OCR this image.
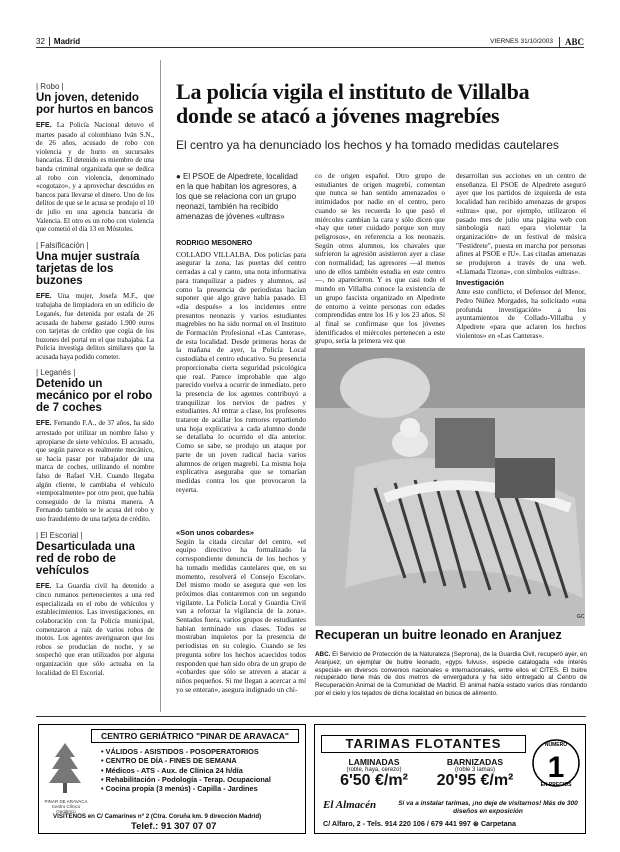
32	Madrid	VIERNES 31/10/2003	ABC
| Robo |
Un joven, detenido por hurtos en bancos
EFE. La Policía Nacional detuvo el martes pasado al colombiano Iván S.N., de 26 años, acusado de robo con violencia y de hurto en sucursales bancarias. El detenido es miembro de una banda criminal organizada que se dedica al robo con violencia, denominado «cogotazo», y a aprovechar descuidos en bancos para llevarse el dinero. Uno de los delitos de que se le acusa se produjo el 10 de julio en una agencia bancaria de Valencia. El otro es un robo con violencia que cometió el día 13 en Móstoles.
| Falsificación |
Una mujer sustraía tarjetas de los buzones
EFE. Una mujer, Josefa M.F., que trabajaba de limpiadora en un edificio de Leganés, fue detenida por estafa de 26 acusada de haberse gastado 1.900 euros con tarjetas de crédito que cogía de los buzones del portal en el que trabajaba. La Policía investiga delitos similares que la acusada haya podido cometer.
| Leganés |
Detenido un mecánico por el robo de 7 coches
EFE. Fernando F.A., de 37 años, ha sido arrestado por utilizar un nombre falso y apropiarse de siete vehículos. El acusado, que según parece es realmente mecánico, se hacía pasar por trabajador de una marca de coches, utilizando el nombre falso de Rafael V.H. Cuando llegaba algún cliente, le cambiaba el vehículo «temporalmente» por otro peor, que había conseguido de la misma manera. A Fernando también se le acusa del robo y uso fraudulento de una tarjeta de crédito.
| El Escorial |
Desarticulada una red de robo de vehículos
EFE. La Guardia civil ha detenido a cinco rumanos pertenecientes a una red especializada en el robo de vehículos y establecimientos. Las investigaciones, en colaboración con la Policía municipal, comenzaron a raíz de varios robos de motos. Los agentes averiguaron que los robos se producían de noche, y se sospechó que eran utilizados por alguna organización que sólo actuaba en la localidad de El Escorial.
La policía vigila el instituto de Villalba donde se atacó a jóvenes magrebíes
El centro ya ha denunciado los hechos y ha tomado medidas cautelares
● El PSOE de Alpedrete, localidad en la que habitan los agresores, a los que se relaciona con un grupo neonazi, también ha recibido amenazas de jóvenes «ultras»
RODRIGO MESONERO
COLLADO VILLALBA. Dos policías para asegurar la zona, las puertas del centro cerradas a cal y canto, una nota informativa para tranquilizar a padres y alumnos, así como la presencia de periodistas hacían suponer que algo grave había pasado. El «día después» a los incidentes entre presuntos neonazis y varios estudiantes magrebíes no ha sido normal en el Instituto de Formación Profesional «Las Canteras», de esta localidad. Desde primeras horas de la mañana de ayer, la Policía Local custodiaba el centro educativo. Su presencia proporcionaba cierta seguridad psicológica que real. Parece improbable que algo parecido vuelva a ocurrir de inmediato, pero la presencia de los agentes contribuyó a tranquilizar los nervios de padres y estudiantes. Al entrar a clase, los profesores trataron de acallar los rumores repartiendo una hoja explicativa a cada alumno donde se detallaba lo ocurrido el día anterior. Como se sabe, se produjo un ataque por parte de un joven radical hacia varios alumnos de origen magrebí. La misma hoja explicativa aseguraba que se tomarían medidas contra los que provocaron la reyerta.
«Son unos cobardes»
Según la citada circular del centro, «el equipo directivo ha formalizado la correspondiente denuncia de los hechos y ha tomado medidas cautelares que, en su momento, resolverá el Consejo Escolar». Del mismo modo se asegura que «en los próximos días contaremos con un segundo vigilante. La Policía Local y Guardia Civil van a reforzar la vigilancia de la zona». Sentados fuera, varios grupos de estudiantes habían terminado sus clases. Todos se mostraban inquietos por la presencia de periodistas en su colegio. Cuando se les pregunta sobre los hechos acaecidos todos responden que han sido obra de un grupo de «cobardes que sólo se atreven a atacar a niños pequeños. Si me llegan a acercar a mí yo se enteran», asegura indignado un chi-
co de origen español. Otro grupo de estudiantes de origen magrebí, comentan que nunca se han sentido amenazados o intimidados por nadie en el centro, pero cuando se les recuerda lo que pasó el miércoles cambian la cara y sólo dicen que «hay que tener cuidado porque son muy peligrosos», en referencia a los neonazis. Según otros alumnos, los chavales que sufrieron la agresión asistieron ayer a clase con normalidad; las agresores —al menos uno de ellos también estudia en este centro—, no aparecieron. Y es que casi todo el mundo en Villalba conoce la existencia de un grupo fascista organizado en Alpedrete de entorno a veinte personas con edades comprendidas entre los 16 y los 23 años. Si al final se confirmase que los jóvenes identificados el miércoles pertenecen a este grupo, sería la primera vez que
desarrollan sus acciones en un centro de enseñanza. El PSOE de Alpedrete aseguró ayer que los partidos de izquierda de esta localidad han recibido amenazas de grupos «ultras» que, por ejemplo, utilizaron el pasado mes de julio una página web con simbología nazi «para violentar la organización» de un festival de música "Festidrete", puesta en marcha por personas afines al PSOE e IU». Las citadas amenazas se produjeron a través de una web. «Llamada Tizona», con símbolos «ultras».
Investigación
Ante este conflicto, el Defensor del Menor, Pedro Núñez Morgades, ha solicitado «una profunda investigación» a los ayuntamientos de Collado-Villalba y Alpedrete «para que aclaren los hechos violentos» en «Las Canteras».
GC
Recuperan un buitre leonado en Aranjuez
ABC. El Servicio de Protección de la Naturaleza (Seprona), de la Guardia Civil, recuperó ayer, en Aranjuez, un ejemplar de buitre leonado, «gyps fulvus», especie catalogada «de interés especial» en diversos convenios nacionales e internacionales, entre ellos el CITES. El buitre recuperado tiene más de dos metros de envergadura y ha sido entregado al Centro de Recuperación Animal de la Comunidad de Madrid. El animal había estado varios días rondando por el cielo y los tejados de dicha localidad en busca de alimento.
CENTRO GERIÁTRICO "PINAR DE ARAVACA"
PINAR DE ARAVACA Centro Clínico Geriátrico
• VÁLIDOS - ASISTIDOS - POSOPERATORIOS
• CENTRO DE DÍA - FINES DE SEMANA
• Médicos - ATS - Aux. de Clínica 24 h/día
• Rehabilitación - Podología - Terap. Ocupacional
• Cocina propia (3 menús) - Capilla - Jardines
VISÍTENOS en C/ Camarines nº 2 (Ctra. Coruña km. 9 dirección Madrid)
Telef.: 91 307 07 07
TARIMAS FLOTANTES
LAMINADAS
(roble, haya, cerezo)
6'50 €/m²
BARNIZADAS
(roble 3 lamas)
20'95 €/m²
NÚMERO
1
EN PRECIOS
El Almacén	Si va a instalar tarimas, ¡no deje de visitarnos! Más de 300 diseños en exposición
C/ Alfaro, 2 - Tels. 914 220 106 / 679 441 997 ⊛ Carpetana
